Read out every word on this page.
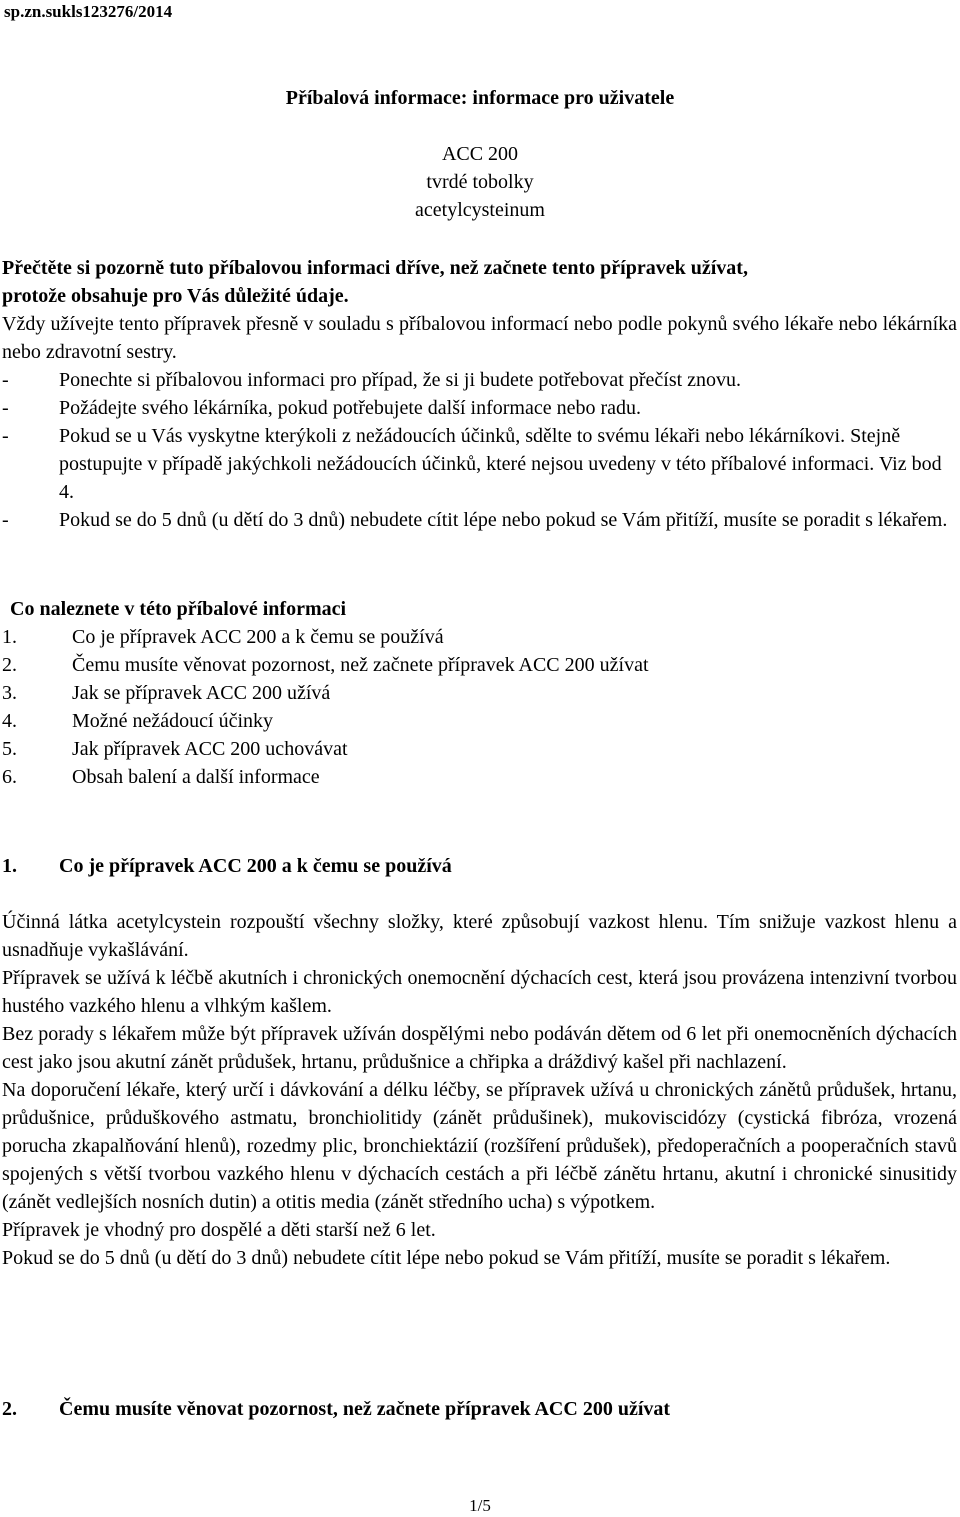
sp.zn.sukls123276/2014
Příbalová informace: informace pro uživatele
ACC 200
tvrdé tobolky
acetylcysteinum
Přečtěte si pozorně tuto příbalovou informaci dříve, než začnete tento přípravek užívat,
protože obsahuje pro Vás důležité údaje.

Vždy užívejte tento přípravek přesně v souladu s příbalovou informací nebo podle pokynů svého lékaře nebo lékárníka nebo zdravotní sestry.

-	Ponechte si příbalovou informaci pro případ, že si ji budete potřebovat přečíst znovu.
-	Požádejte svého lékárníka, pokud potřebujete další informace nebo radu.
-	Pokud se u Vás vyskytne kterýkoli z nežádoucích účinků, sdělte to svému lékaři nebo lékárníkovi. Stejně postupujte v případě jakýchkoli nežádoucích účinků, které nejsou uvedeny v této příbalové informaci. Viz bod 4.
-	Pokud se do 5 dnů (u dětí do 3 dnů) nebudete cítit lépe nebo pokud se Vám přitíží, musíte se poradit s lékařem.
Co naleznete v této příbalové informaci
1.	Co je přípravek ACC 200 a k čemu se používá
2.	Čemu musíte věnovat pozornost, než začnete přípravek ACC 200 užívat
3.	Jak se přípravek ACC 200 užívá
4.	Možné nežádoucí účinky
5.	Jak přípravek ACC 200 uchovávat
6.	Obsah balení a další informace
1.	Co je přípravek ACC 200 a k čemu se používá

Účinná látka acetylcystein rozpouští všechny složky, které způsobují vazkost hlenu. Tím snižuje vazkost hlenu a usnadňuje vykašlávání.

Přípravek se užívá k léčbě akutních i chronických onemocnění dýchacích cest, která jsou provázena intenzivní tvorbou hustého vazkého hlenu a vlhkým kašlem.

Bez porady s lékařem může být přípravek užíván dospělými nebo podáván dětem od 6 let při onemocněních dýchacích cest jako jsou akutní zánět průdušek, hrtanu, průdušnice a chřipka a dráždivý kašel při nachlazení.

Na doporučení lékaře, který určí i dávkování a délku léčby, se přípravek užívá u chronických zánětů průdušek, hrtanu, průdušnice, průduškového astmatu, bronchiolitidy (zánět průdušinek), mukoviscidózy (cystická fibróza, vrozená porucha zkapalňování hlenů), rozedmy plic, bronchiektázií (rozšíření průdušek), předoperačních a pooperačních stavů spojených s větší tvorbou vazkého hlenu v dýchacích cestách a při léčbě zánětu hrtanu, akutní i chronické sinusitidy (zánět vedlejších nosních dutin) a otitis media (zánět středního ucha) s výpotkem.

Přípravek je vhodný pro dospělé a děti starší než 6 let.

Pokud se do 5 dnů (u dětí do 3 dnů) nebudete cítit lépe nebo pokud se Vám přitíží, musíte se poradit s lékařem.

2.	Čemu musíte věnovat pozornost, než začnete přípravek ACC 200 užívat
1/5
